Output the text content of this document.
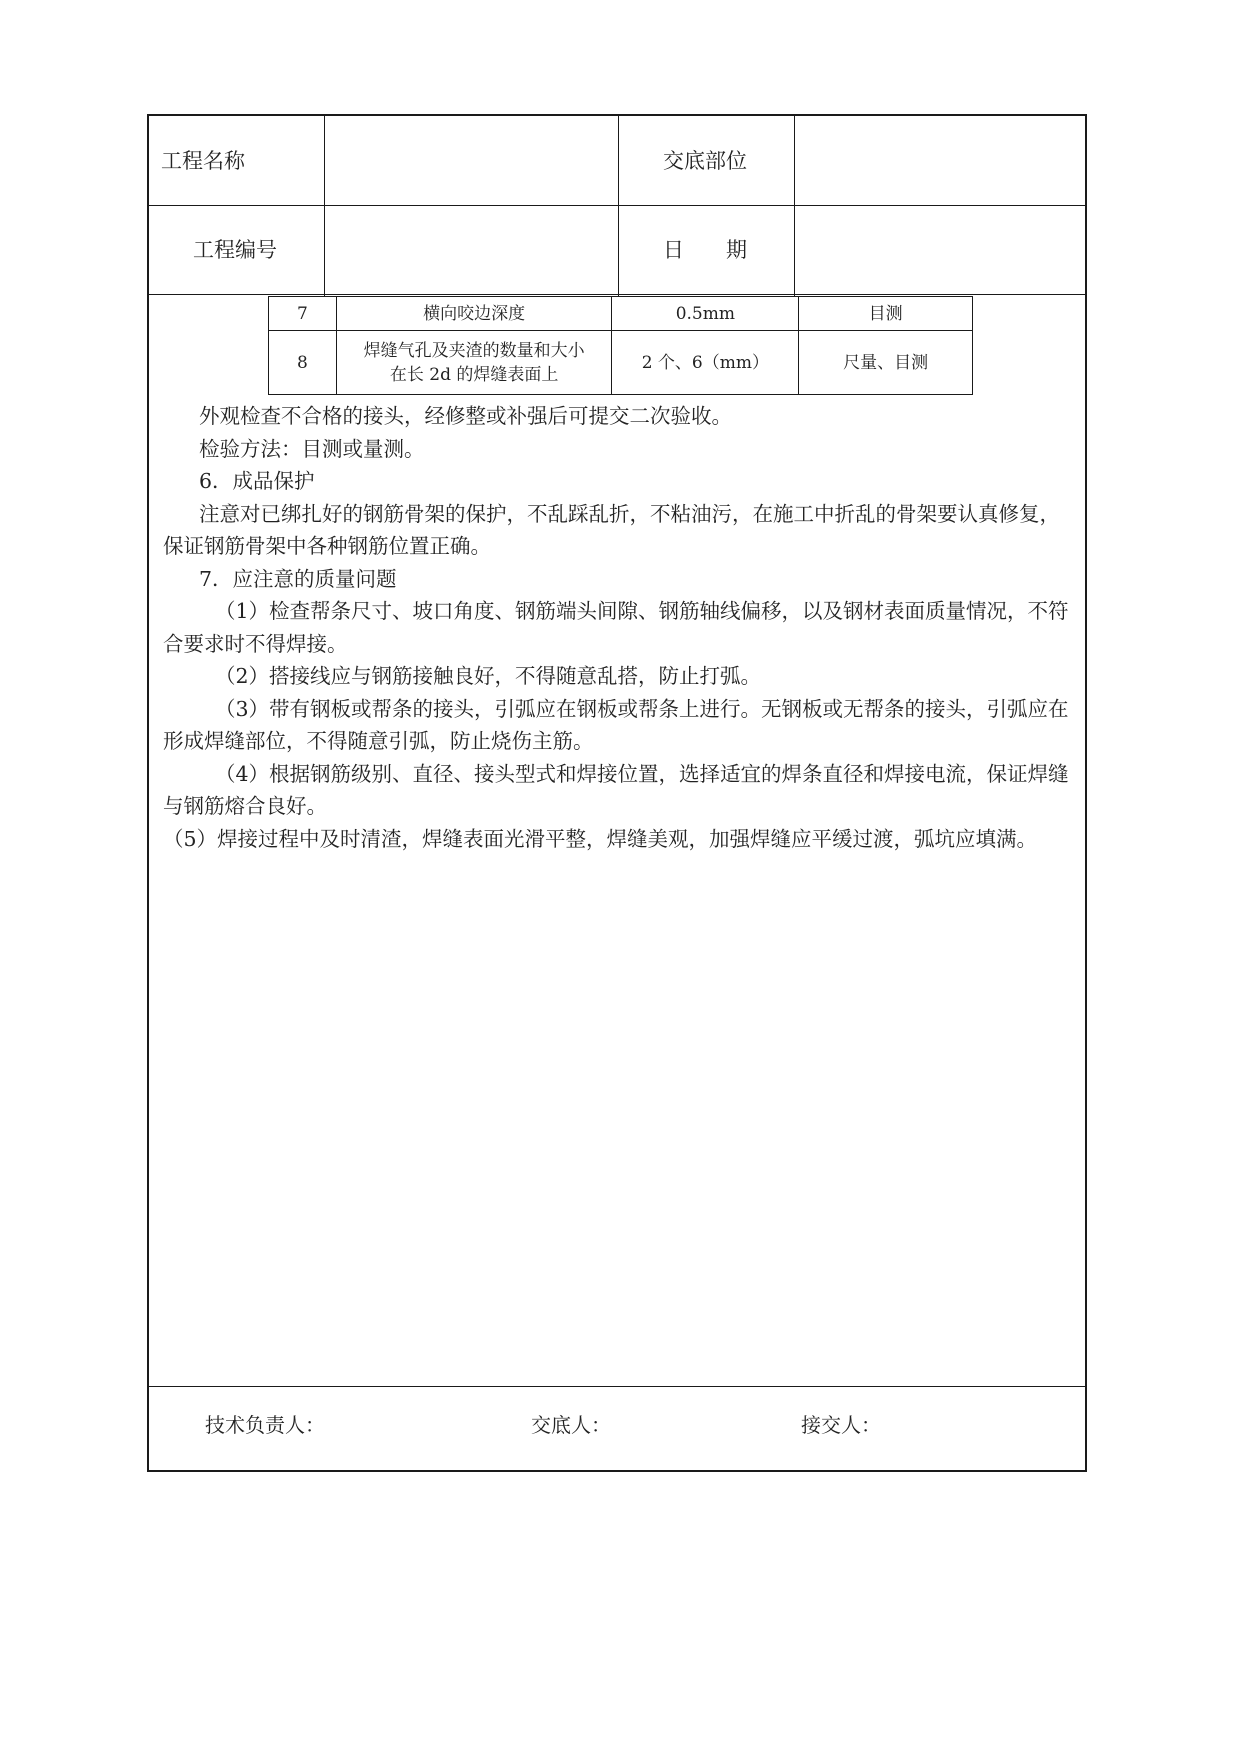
工程名称	交底部位
工程编号	日　　期
7	横向咬边深度	0.5mm	目测
8	焊缝气孔及夹渣的数量和大小
在长 2d 的焊缝表面上	2 个、6（mm）	尺量、目测

外观检查不合格的接头，经修整或补强后可提交二次验收。

检验方法：目测或量测。

6．成品保护

注意对已绑扎好的钢筋骨架的保护，不乱踩乱折，不粘油污，在施工中折乱的骨架要认真修复，保证钢筋骨架中各种钢筋位置正确。

7．应注意的质量问题

（1）检查帮条尺寸、坡口角度、钢筋端头间隙、钢筋轴线偏移，以及钢材表面质量情况，不符合要求时不得焊接。

（2）搭接线应与钢筋接触良好，不得随意乱搭，防止打弧。

（3）带有钢板或帮条的接头，引弧应在钢板或帮条上进行。无钢板或无帮条的接头，引弧应在形成焊缝部位，不得随意引弧，防止烧伤主筋。

（4）根据钢筋级别、直径、接头型式和焊接位置，选择适宜的焊条直径和焊接电流，保证焊缝与钢筋熔合良好。

（5）焊接过程中及时清渣，焊缝表面光滑平整，焊缝美观，加强焊缝应平缓过渡，弧坑应填满。

技术负责人：	交底人：	接交人：
